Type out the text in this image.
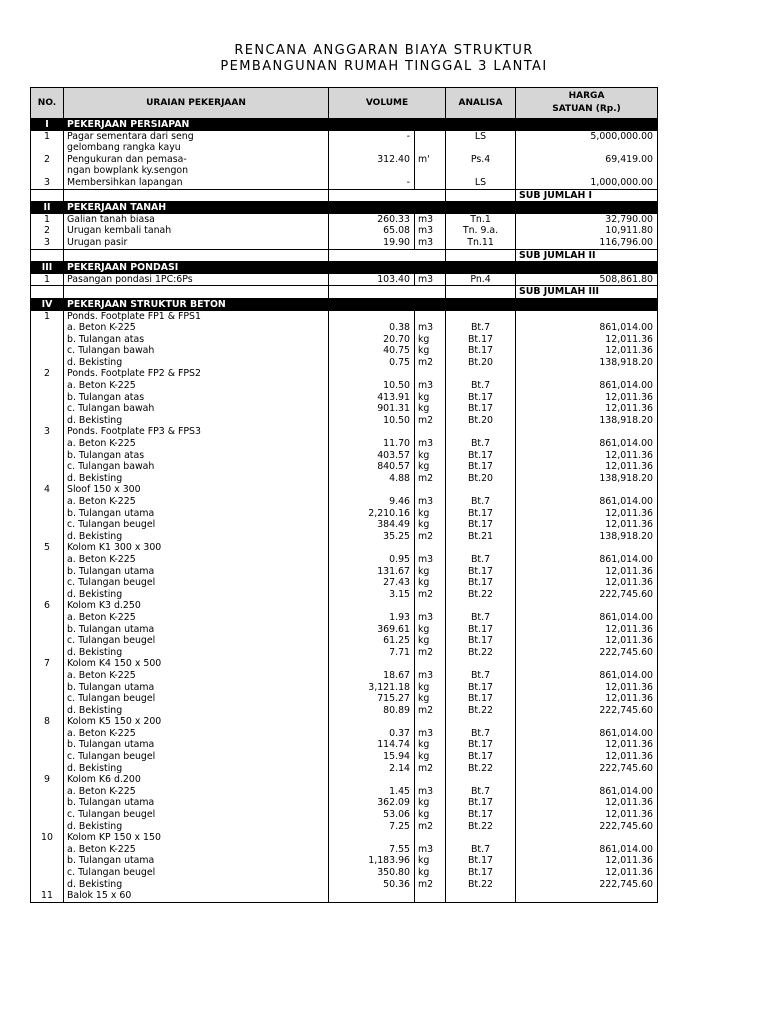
RENCANA ANGGARAN BIAYA STRUKTUR
PEMBANGUNAN RUMAH TINGGAL 3 LANTAI
NO.	URAIAN PEKERJAAN	VOLUME		ANALISA	HARGA
SATUAN (Rp.)

I	PEKERJAAN PERSIAPAN				
1	Pagar sementara dari seng	-		LS	5,000,000.00
	gelombang rangka kayu				
2	Pengukuran dan pemasa-	312.40	m'	Ps.4	69,419.00
	ngan bowplank ky.sengon				
3	Membersihkan lapangan	-		LS	1,000,000.00
					SUB JUMLAH I
II	PEKERJAAN TANAH				
1	Galian tanah biasa	260.33	m3	Tn.1	32,790.00
2	Urugan kembali tanah	65.08	m3	Tn. 9.a.	10,911.80
3	Urugan pasir	19.90	m3	Tn.11	116,796.00
					SUB JUMLAH II
III	PEKERJAAN PONDASI				
1	Pasangan pondasi 1PC:6Ps	103.40	m3	Pn.4	508,861.80
					SUB JUMLAH III
IV	PEKERJAAN STRUKTUR BETON				
1	Ponds. Footplate FP1 & FPS1				
	a. Beton K-225	0.38	m3	Bt.7	861,014.00
	b. Tulangan atas	20.70	kg	Bt.17	12,011.36
	c. Tulangan bawah	40.75	kg	Bt.17	12,011.36
	d. Bekisting	0.75	m2	Bt.20	138,918.20
2	Ponds. Footplate FP2 & FPS2				
	a. Beton K-225	10.50	m3	Bt.7	861,014.00
	b. Tulangan atas	413.91	kg	Bt.17	12,011.36
	c. Tulangan bawah	901.31	kg	Bt.17	12,011.36
	d. Bekisting	10.50	m2	Bt.20	138,918.20
3	Ponds. Footplate FP3 & FPS3				
	a. Beton K-225	11.70	m3	Bt.7	861,014.00
	b. Tulangan atas	403.57	kg	Bt.17	12,011.36
	c. Tulangan bawah	840.57	kg	Bt.17	12,011.36
	d. Bekisting	4.88	m2	Bt.20	138,918.20
4	Sloof 150 x 300				
	a. Beton K-225	9.46	m3	Bt.7	861,014.00
	b. Tulangan utama	2,210.16	kg	Bt.17	12,011.36
	c. Tulangan beugel	384.49	kg	Bt.17	12,011.36
	d. Bekisting	35.25	m2	Bt.21	138,918.20
5	Kolom K1 300 x 300				
	a. Beton K-225	0.95	m3	Bt.7	861,014.00
	b. Tulangan utama	131.67	kg	Bt.17	12,011.36
	c. Tulangan beugel	27.43	kg	Bt.17	12,011.36
	d. Bekisting	3.15	m2	Bt.22	222,745.60
6	Kolom K3 d.250				
	a. Beton K-225	1.93	m3	Bt.7	861,014.00
	b. Tulangan utama	369.61	kg	Bt.17	12,011.36
	c. Tulangan beugel	61.25	kg	Bt.17	12,011.36
	d. Bekisting	7.71	m2	Bt.22	222,745.60
7	Kolom K4 150 x 500				
	a. Beton K-225	18.67	m3	Bt.7	861,014.00
	b. Tulangan utama	3,121.18	kg	Bt.17	12,011.36
	c. Tulangan beugel	715.27	kg	Bt.17	12,011.36
	d. Bekisting	80.89	m2	Bt.22	222,745.60
8	Kolom K5 150 x 200				
	a. Beton K-225	0.37	m3	Bt.7	861,014.00
	b. Tulangan utama	114.74	kg	Bt.17	12,011.36
	c. Tulangan beugel	15.94	kg	Bt.17	12,011.36
	d. Bekisting	2.14	m2	Bt.22	222,745.60
9	Kolom K6 d.200				
	a. Beton K-225	1.45	m3	Bt.7	861,014.00
	b. Tulangan utama	362.09	kg	Bt.17	12,011.36
	c. Tulangan beugel	53.06	kg	Bt.17	12,011.36
	d. Bekisting	7.25	m2	Bt.22	222,745.60
10	Kolom KP 150 x 150				
	a. Beton K-225	7.55	m3	Bt.7	861,014.00
	b. Tulangan utama	1,183.96	kg	Bt.17	12,011.36
	c. Tulangan beugel	350.80	kg	Bt.17	12,011.36
	d. Bekisting	50.36	m2	Bt.22	222,745.60
11	Balok 15 x 60				
